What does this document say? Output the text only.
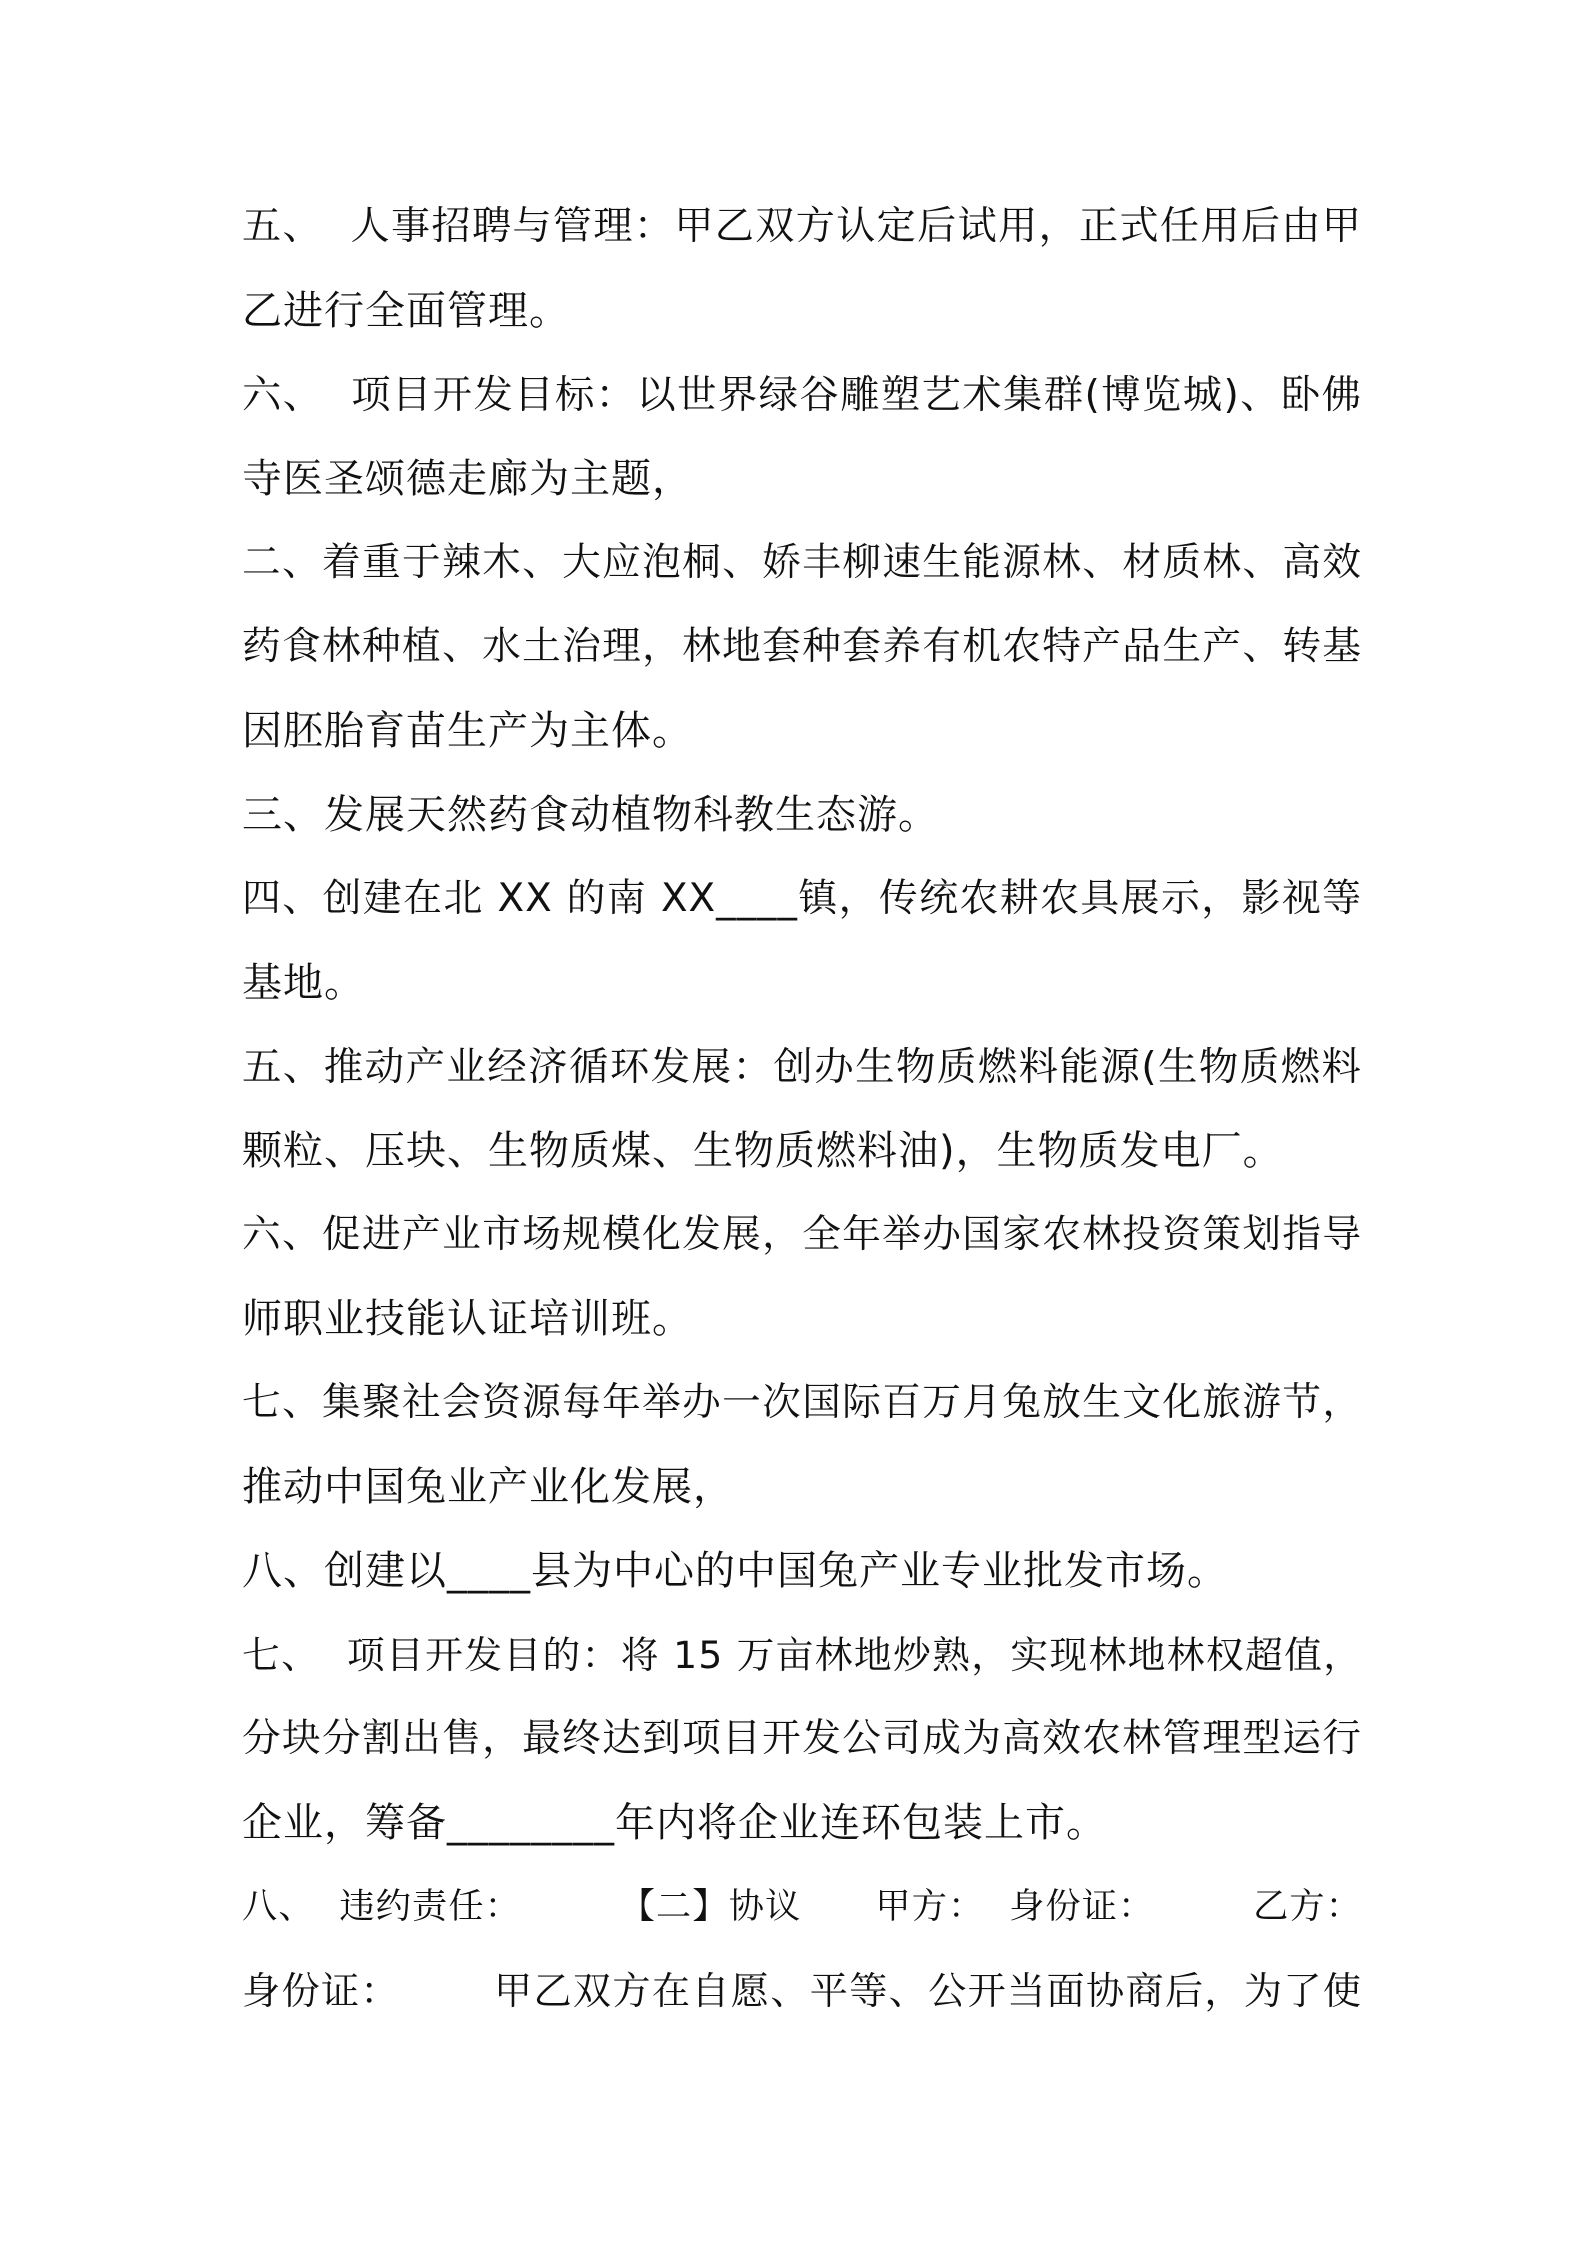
五、  人事招聘与管理：甲乙双方认定后试用，正式任用后由甲
乙进行全面管理。
六、  项目开发目标：以世界绿谷雕塑艺术集群(博览城)、卧佛
寺医圣颂德走廊为主题，
二、着重于辣木、大应泡桐、娇丰柳速生能源林、材质林、高效
药食林种植、水土治理，林地套种套养有机农特产品生产、转基
因胚胎育苗生产为主体。
三、发展天然药食动植物科教生态游。
四、创建在北 XX 的南 XX____镇，传统农耕农具展示，影视等
基地。
五、推动产业经济循环发展：创办生物质燃料能源(生物质燃料
颗粒、压块、生物质煤、生物质燃料油)，生物质发电厂。
六、促进产业市场规模化发展，全年举办国家农林投资策划指导
师职业技能认证培训班。
七、集聚社会资源每年举办一次国际百万月兔放生文化旅游节，
推动中国兔业产业化发展，
八、创建以____县为中心的中国兔产业专业批发市场。
七、  项目开发目的：将 15 万亩林地炒熟，实现林地林权超值，
分块分割出售，最终达到项目开发公司成为高效农林管理型运行
企业，筹备________年内将企业连环包装上市。
八、  违约责任：        【二】协议      甲方：  身份证：        乙方：
身份证：       甲乙双方在自愿、平等、公开当面协商后，为了使
